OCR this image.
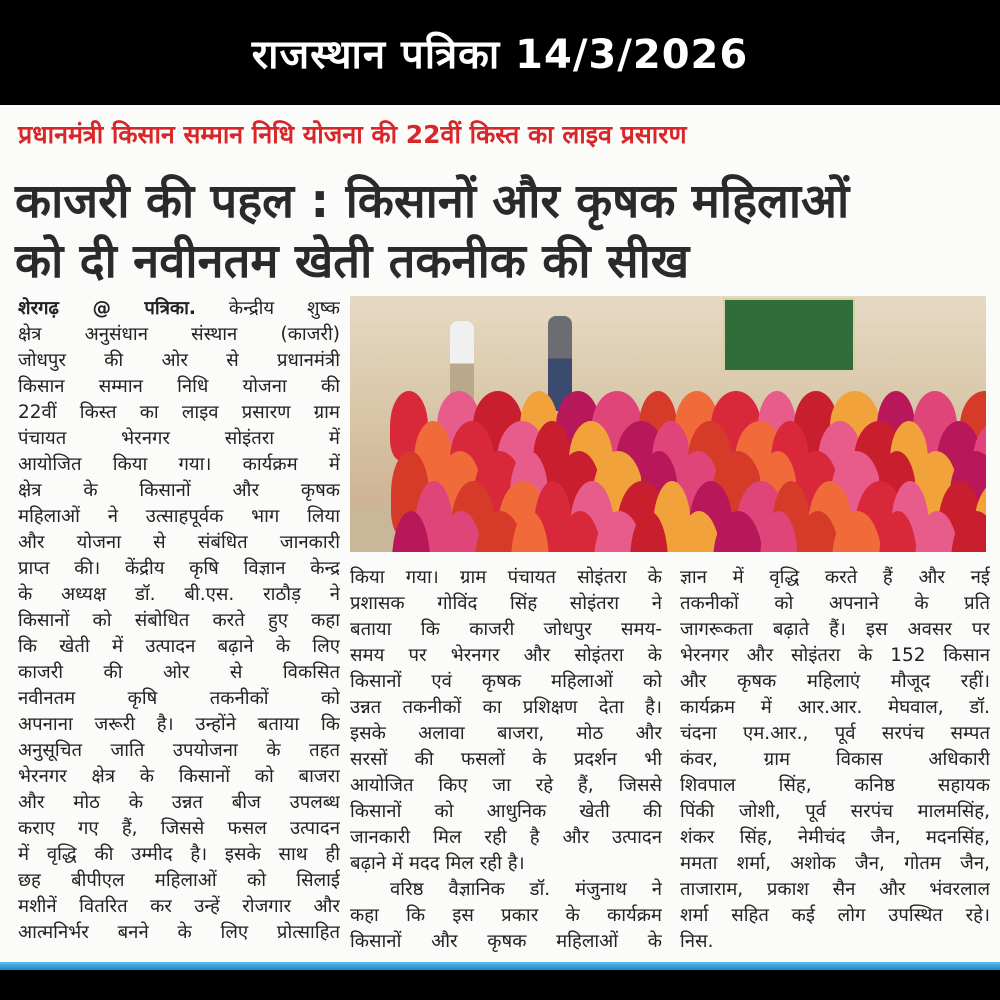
राजस्थान पत्रिका 14/3/2026
प्रधानमंत्री किसान सम्मान निधि योजना की 22वीं किस्त का लाइव प्रसारण
काजरी की पहल : किसानों और कृषक महिलाओं
को दी नवीनतम खेती तकनीक की सीख
शेरगढ़ @ पत्रिका. केन्द्रीय शुष्क
क्षेत्र अनुसंधान संस्थान (काजरी)
जोधपुर की ओर से प्रधानमंत्री
किसान सम्मान निधि योजना की
22वीं किस्त का लाइव प्रसारण ग्राम
पंचायत भेरनगर सोइंतरा में
आयोजित किया गया। कार्यक्रम में
क्षेत्र के किसानों और कृषक
महिलाओं ने उत्साहपूर्वक भाग लिया
और योजना से संबंधित जानकारी
प्राप्त की। केंद्रीय कृषि विज्ञान केन्द्र
के अध्यक्ष डॉ. बी.एस. राठौड़ ने
किसानों को संबोधित करते हुए कहा
कि खेती में उत्पादन बढ़ाने के लिए
काजरी की ओर से विकसित
नवीनतम कृषि तकनीकों को
अपनाना जरूरी है। उन्होंने बताया कि
अनुसूचित जाति उपयोजना के तहत
भेरनगर क्षेत्र के किसानों को बाजरा
और मोठ के उन्नत बीज उपलब्ध
कराए गए हैं, जिससे फसल उत्पादन
में वृद्धि की उम्मीद है। इसके साथ ही
छह बीपीएल महिलाओं को सिलाई
मशीनें वितरित कर उन्हें रोजगार और
आत्मनिर्भर बनने के लिए प्रोत्साहित
किया गया। ग्राम पंचायत सोइंतरा के
प्रशासक गोविंद सिंह सोइंतरा ने
बताया कि काजरी जोधपुर समय-
समय पर भेरनगर और सोइंतरा के
किसानों एवं कृषक महिलाओं को
उन्नत तकनीकों का प्रशिक्षण देता है।
इसके अलावा बाजरा, मोठ और
सरसों की फसलों के प्रदर्शन भी
आयोजित किए जा रहे हैं, जिससे
किसानों को आधुनिक खेती की
जानकारी मिल रही है और उत्पादन
बढ़ाने में मदद मिल रही है।
वरिष्ठ वैज्ञानिक डॉ. मंजुनाथ ने
कहा कि इस प्रकार के कार्यक्रम
किसानों और कृषक महिलाओं के
ज्ञान में वृद्धि करते हैं और नई
तकनीकों को अपनाने के प्रति
जागरूकता बढ़ाते हैं। इस अवसर पर
भेरनगर और सोइंतरा के 152 किसान
और कृषक महिलाएं मौजूद रहीं।
कार्यक्रम में आर.आर. मेघवाल, डॉ.
चंदना एम.आर., पूर्व सरपंच सम्पत
कंवर, ग्राम विकास अधिकारी
शिवपाल सिंह, कनिष्ठ सहायक
पिंकी जोशी, पूर्व सरपंच मालमसिंह,
शंकर सिंह, नेमीचंद जैन, मदनसिंह,
ममता शर्मा, अशोक जैन, गोतम जैन,
ताजाराम, प्रकाश सैन और भंवरलाल
शर्मा सहित कई लोग उपस्थित रहे।
निस.
